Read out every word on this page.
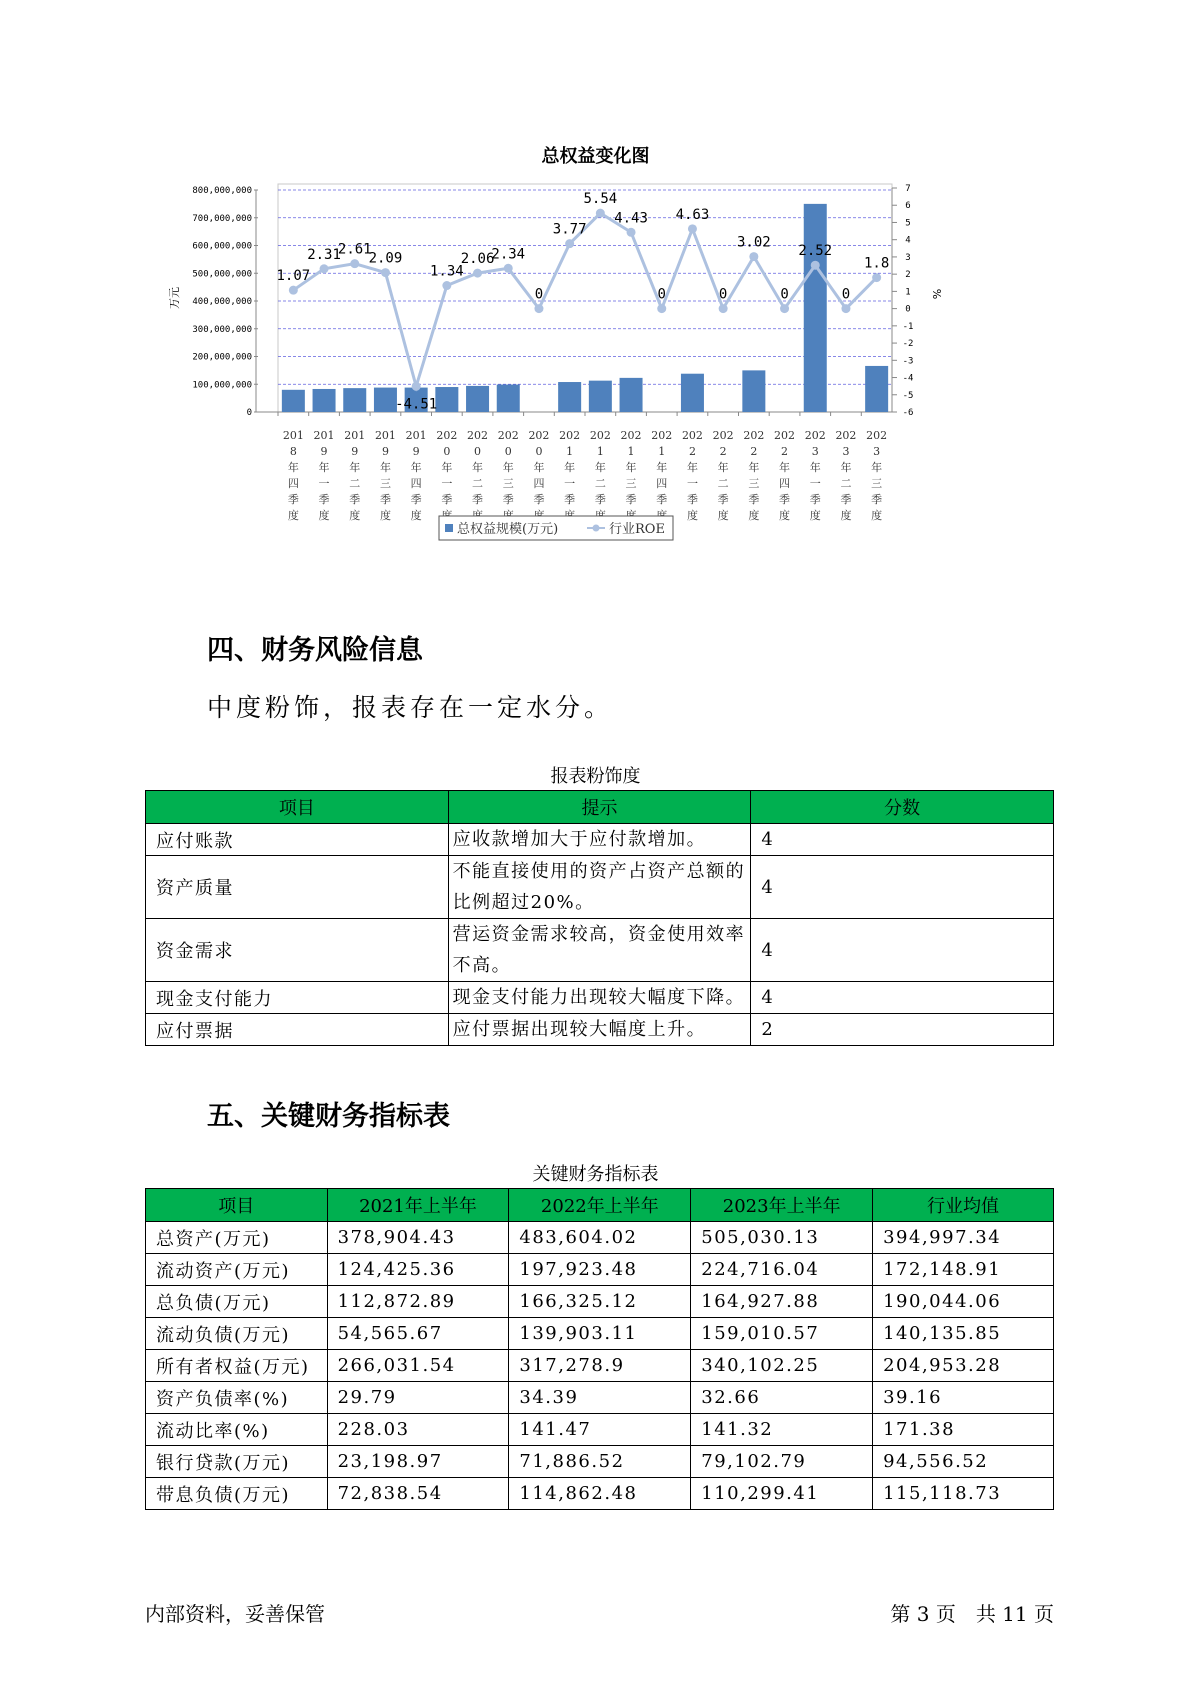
总权益变化图
800,000,000
700,000,000
600,000,000
500,000,000
400,000,000
300,000,000
200,000,000
100,000,000
0
万元
7
6
5
4
3
2
1
0
-1
-2
-3
-4
-5
-6
%
201 8 年四季度
201 9 年一季度
201 9 年二季度
201 9 年三季度
201 9 年四季度
202 0 年一季
202 0 年二季
202 0 年三季
202 0 年四季
202 1 年一季
202 1 年二季
202 1 年三季
202 1 年四季
202 2 年一季度
202 2 年二季度
202 2 年三季度
202 2 年四季度
202 3 年一季度
202 3 年二季度
202 3 年三季度
1.07
2.31
2.61
2.09
-4.51
1.34
2.06
2.34
0
3.77
5.54
4.43
0
4.63
0
3.02
0
2.52
0
1.8
总权益规模(万元)	行业ROE
四、财务风险信息
中度粉饰，报表存在一定水分。
报表粉饰度
项目	提示	分数
应付账款	应收款增加大于应付款增加。	4
资产质量	不能直接使用的资产占资产总额的比例超过20%。	4
资金需求	营运资金需求较高，资金使用效率不高。	4
现金支付能力	现金支付能力出现较大幅度下降。	4
应付票据	应付票据出现较大幅度上升。	2
五、关键财务指标表
关键财务指标表
项目	2021年上半年	2022年上半年	2023年上半年	行业均值
总资产(万元)	378,904.43	483,604.02	505,030.13	394,997.34
流动资产(万元)	124,425.36	197,923.48	224,716.04	172,148.91
总负债(万元)	112,872.89	166,325.12	164,927.88	190,044.06
流动负债(万元)	54,565.67	139,903.11	159,010.57	140,135.85
所有者权益(万元)	266,031.54	317,278.9	340,102.25	204,953.28
资产负债率(%)	29.79	34.39	32.66	39.16
流动比率(%)	228.03	141.47	141.32	171.38
银行贷款(万元)	23,198.97	71,886.52	79,102.79	94,556.52
带息负债(万元)	72,838.54	114,862.48	110,299.41	115,118.73
内部资料，妥善保管	第 3 页　共 11 页
